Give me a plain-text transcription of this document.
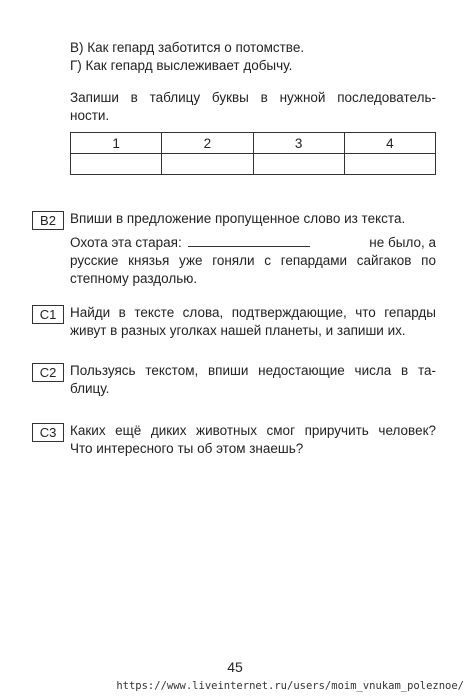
В) Как гепард заботится о потомстве.
Г) Как гепард выслеживает добычу.
Запиши в таблицу буквы в нужной последователь-
ности.
1	2	3	4

В2	Впиши в предложение пропущенное слово из текста.
Охота эта старая:	не было, а
русские князья уже гоняли с гепардами сайгаков по
степному раздолью.
С1	Найди в тексте слова, подтверждающие, что гепарды
живут в разных уголках нашей планеты, и запиши их.
С2	Пользуясь текстом, впиши недостающие числа в та-
блицу.
С3	Каких ещё диких животных смог приручить человек?
Что интересного ты об этом знаешь?
45
https://www.liveinternet.ru/users/moim_vnukam_poleznoe/
